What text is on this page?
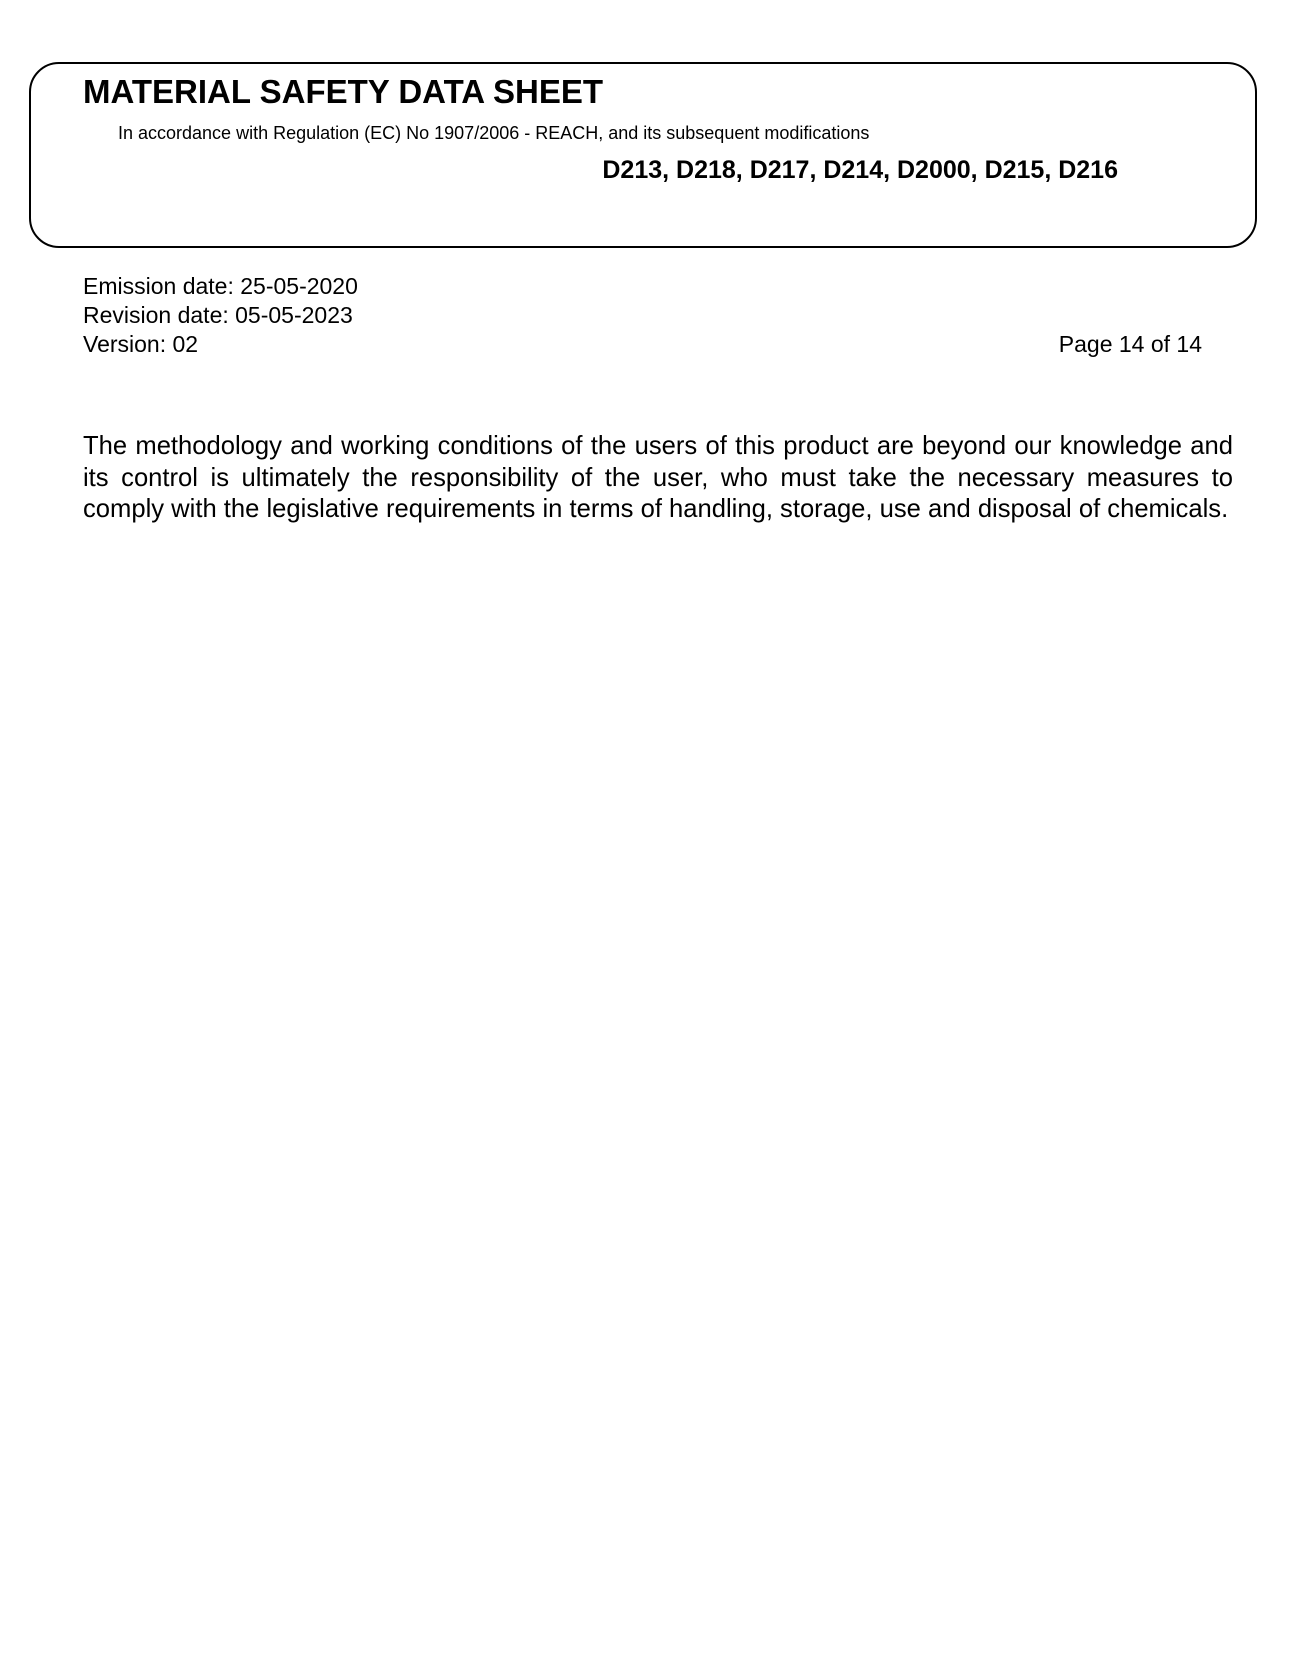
MATERIAL SAFETY DATA SHEET
In accordance with Regulation (EC) No 1907/2006 - REACH, and its subsequent modifications
D213, D218, D217, D214, D2000, D215, D216
Emission date: 25-05-2020
Revision date: 05-05-2023
Version: 02	Page 14 of 14

The methodology and working conditions of the users of this product are beyond our knowledge and its control is ultimately the responsibility of the user, who must take the necessary measures to comply with the legislative requirements in terms of handling, storage, use and disposal of chemicals.
